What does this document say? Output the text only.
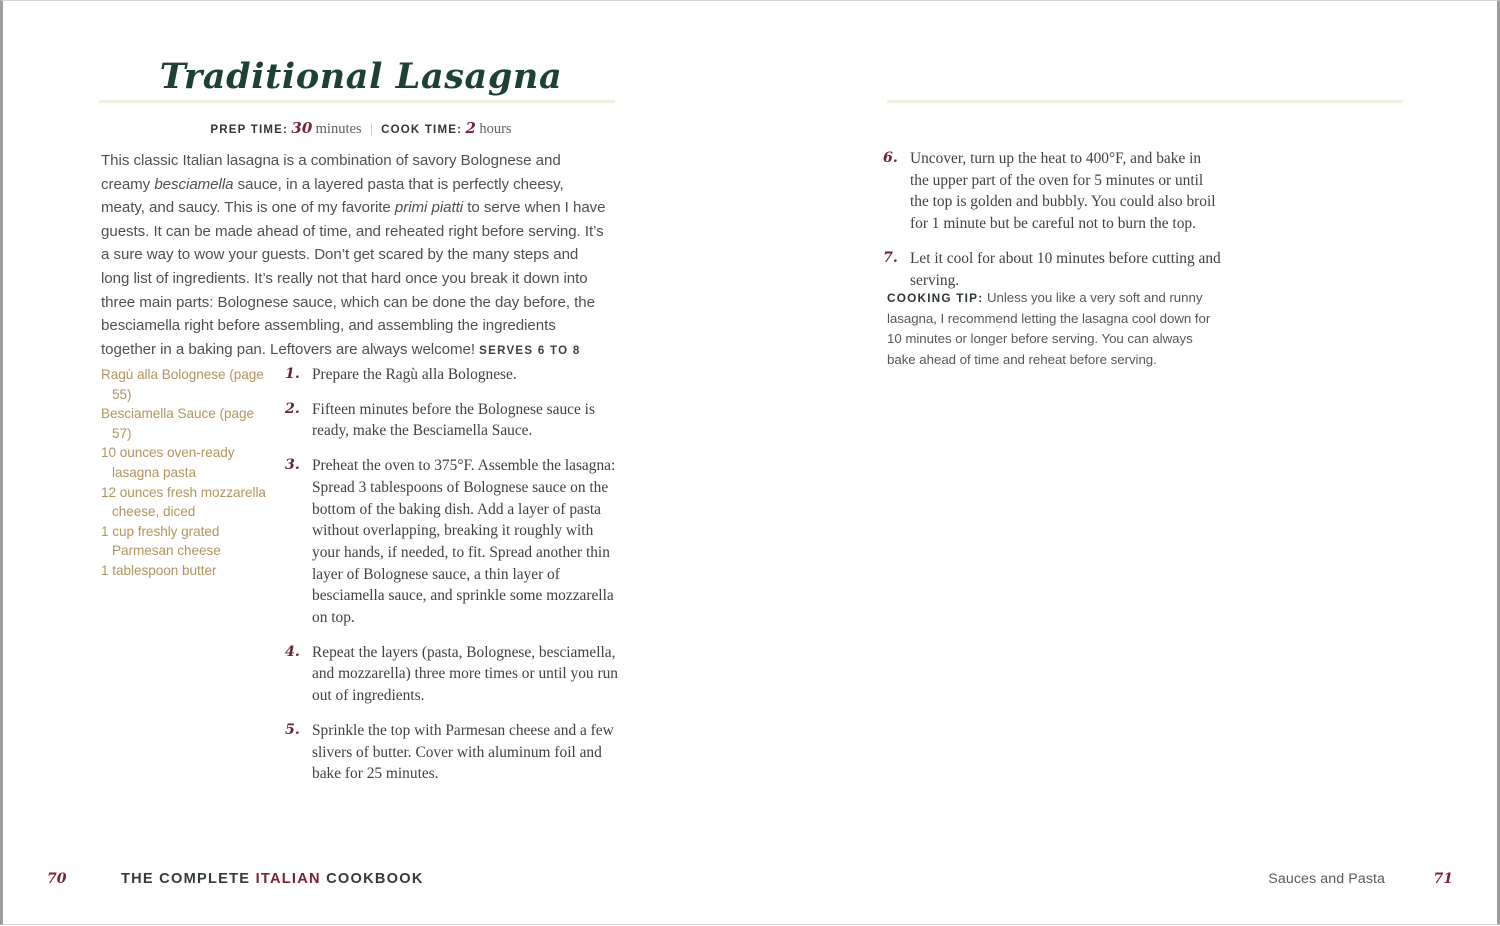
Traditional Lasagna
PREP TIME: 30 minutes | COOK TIME: 2 hours
This classic Italian lasagna is a combination of savory Bolognese and creamy besciamella sauce, in a layered pasta that is perfectly cheesy, meaty, and saucy. This is one of my favorite primi piatti to serve when I have guests. It can be made ahead of time, and reheated right before serving. It’s a sure way to wow your guests. Don’t get scared by the many steps and long list of ingredients. It’s really not that hard once you break it down into three main parts: Bolognese sauce, which can be done the day before, the besciamella right before assembling, and assembling the ingredients together in a baking pan. Leftovers are always welcome! SERVES 6 TO 8
Ragù alla Bolognese (page 55)
Besciamella Sauce (page 57)
10 ounces oven-ready lasagna pasta
12 ounces fresh mozzarella cheese, diced
1 cup freshly grated Parmesan cheese
1 tablespoon butter
1. Prepare the Ragù alla Bolognese.
2. Fifteen minutes before the Bolognese sauce is ready, make the Besciamella Sauce.
3. Preheat the oven to 375°F. Assemble the lasagna: Spread 3 tablespoons of Bolognese sauce on the bottom of the baking dish. Add a layer of pasta without overlapping, breaking it roughly with your hands, if needed, to fit. Spread another thin layer of Bolognese sauce, a thin layer of besciamella sauce, and sprinkle some mozzarella on top.
4. Repeat the layers (pasta, Bolognese, besciamella, and mozzarella) three more times or until you run out of ingredients.
5. Sprinkle the top with Parmesan cheese and a few slivers of butter. Cover with aluminum foil and bake for 25 minutes.
70	THE COMPLETE ITALIAN COOKBOOK
6. Uncover, turn up the heat to 400°F, and bake in the upper part of the oven for 5 minutes or until the top is golden and bubbly. You could also broil for 1 minute but be careful not to burn the top.
7. Let it cool for about 10 minutes before cutting and serving.
COOKING TIP: Unless you like a very soft and runny lasagna, I recommend letting the lasagna cool down for 10 minutes or longer before serving. You can always bake ahead of time and reheat before serving.
Sauces and Pasta	71
